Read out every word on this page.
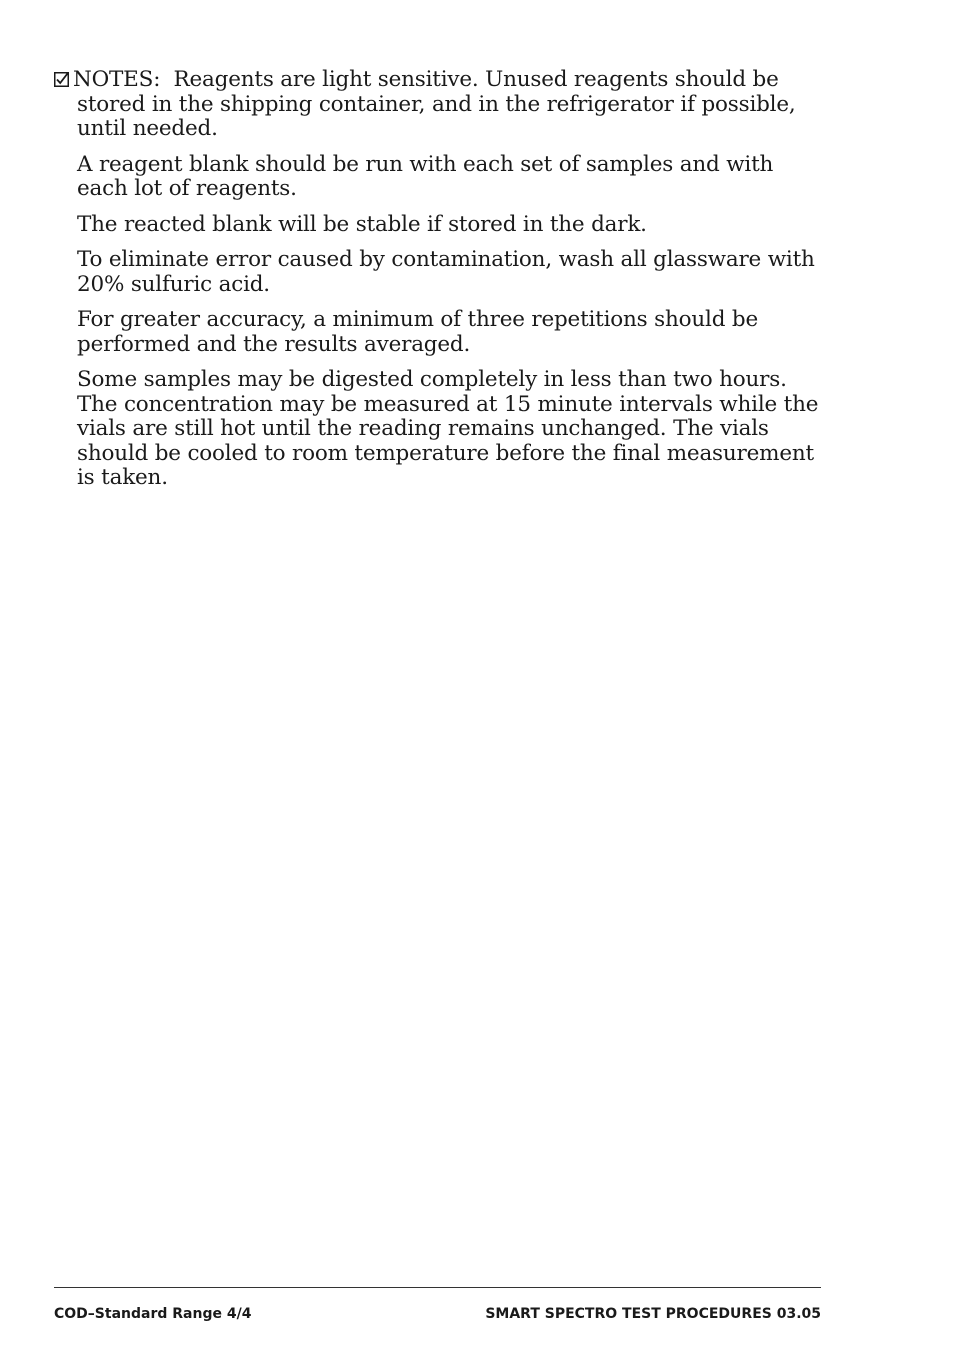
NOTES: Reagents are light sensitive. Unused reagents should be stored in the shipping container, and in the refrigerator if possible, until needed.

A reagent blank should be run with each set of samples and with each lot of reagents.

The reacted blank will be stable if stored in the dark.

To eliminate error caused by contamination, wash all glassware with 20% sulfuric acid.

For greater accuracy, a minimum of three repetitions should be performed and the results averaged.

Some samples may be digested completely in less than two hours. The concentration may be measured at 15 minute intervals while the vials are still hot until the reading remains unchanged. The vials should be cooled to room temperature before the final measurement is taken.

COD–Standard Range 4/4	SMART SPECTRO TEST PROCEDURES 03.05
